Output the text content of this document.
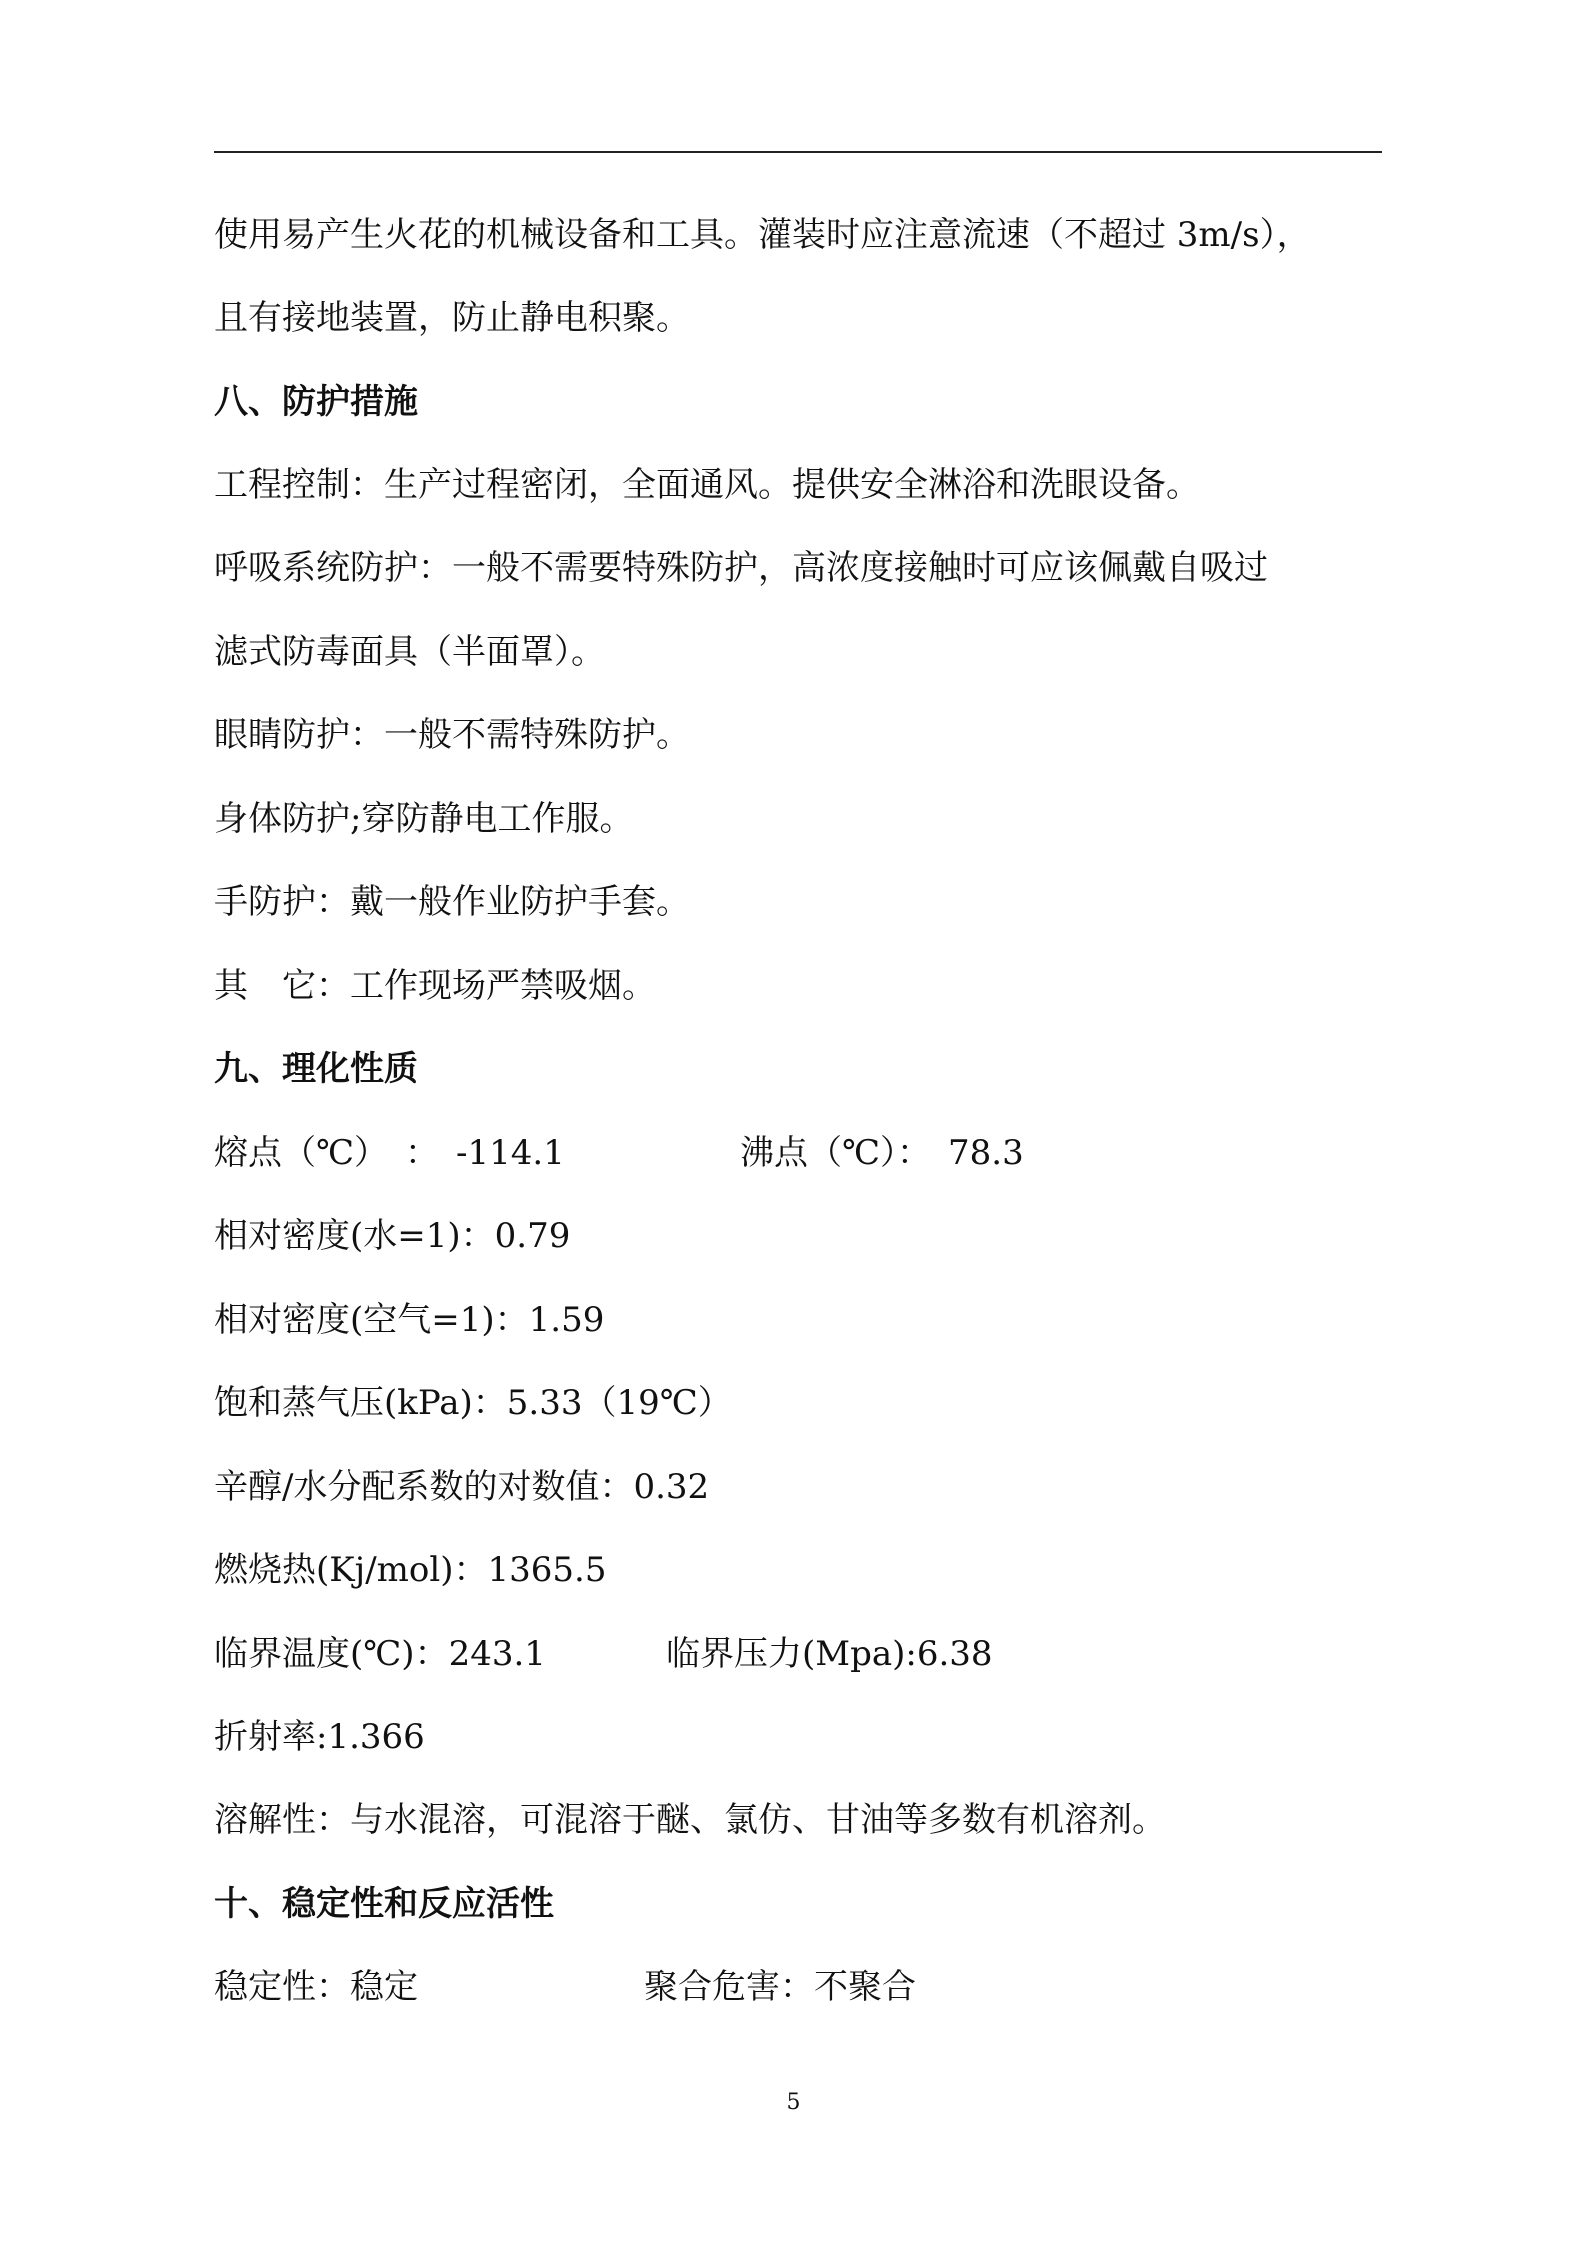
使用易产生火花的机械设备和工具。灌装时应注意流速（不超过 3m/s），
且有接地装置，防止静电积聚。
八、防护措施
工程控制：生产过程密闭，全面通风。提供安全淋浴和洗眼设备。
呼吸系统防护：一般不需要特殊防护，高浓度接触时可应该佩戴自吸过
滤式防毒面具（半面罩）。
眼睛防护：一般不需特殊防护。
身体防护;穿防静电工作服。
手防护：戴一般作业防护手套。
其　它：工作现场严禁吸烟。
九、理化性质
熔点（℃）　：　-114.1	沸点（℃）：　78.3
相对密度(水=1)：0.79
相对密度(空气=1)：1.59
饱和蒸气压(kPa)：5.33（19℃）
辛醇/水分配系数的对数值：0.32
燃烧热(Kj/mol)：1365.5
临界温度(℃)：243.1	临界压力(Mpa):6.38
折射率:1.366
溶解性：与水混溶，可混溶于醚、氯仿、甘油等多数有机溶剂。
十、稳定性和反应活性
稳定性：稳定	聚合危害：不聚合
5
